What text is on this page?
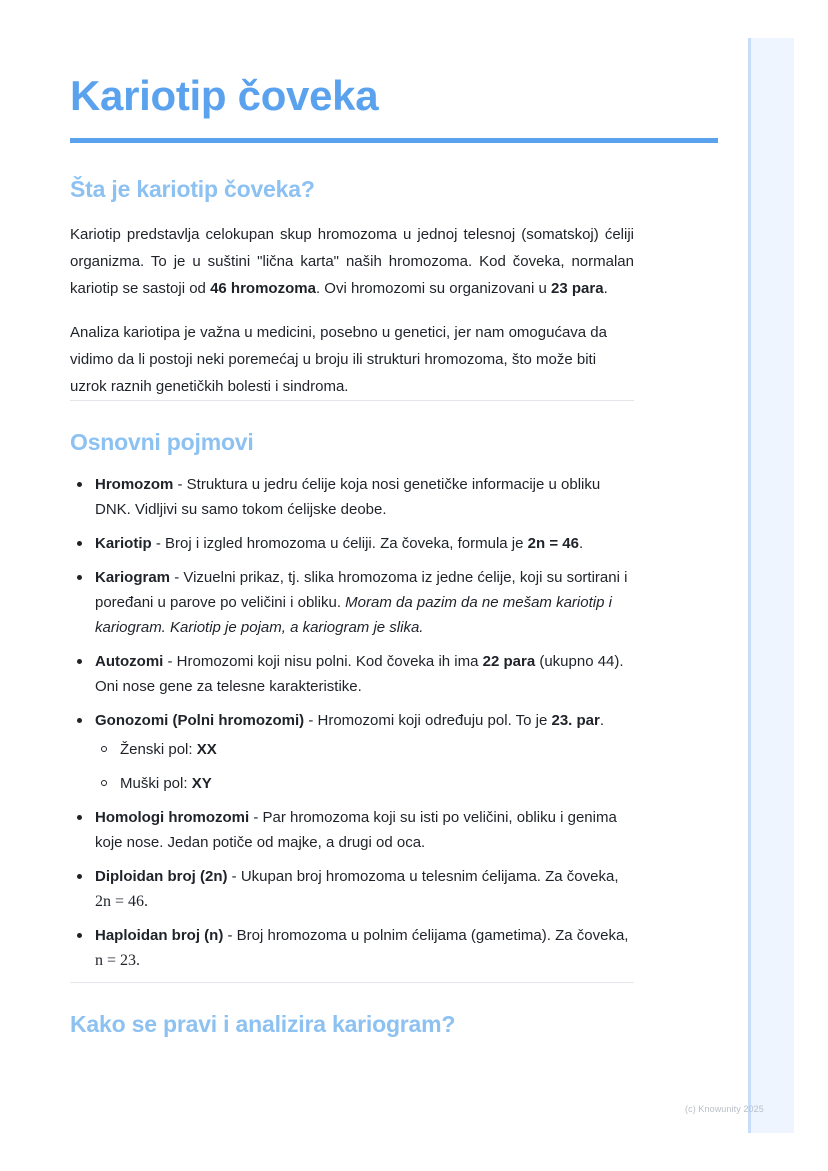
(c) Knowunity 2025
Kariotip čoveka
Šta je kariotip čoveka?

Kariotip predstavlja celokupan skup hromozoma u jednoj telesnoj (somatskoj) ćeliji organizma. To je u suštini "lična karta" naših hromozoma. Kod čoveka, normalan kariotip se sastoji od 46 hromozoma. Ovi hromozomi su organizovani u 23 para.

Analiza kariotipa je važna u medicini, posebno u genetici, jer nam omogućava da vidimo da li postoji neki poremećaj u broju ili strukturi hromozoma, što može biti uzrok raznih genetičkih bolesti i sindroma.

Osnovni pojmovi
Hromozom - Struktura u jedru ćelije koja nosi genetičke informacije u obliku DNK. Vidljivi su samo tokom ćelijske deobe.
Kariotip - Broj i izgled hromozoma u ćeliji. Za čoveka, formula je 2n = 46.
Kariogram - Vizuelni prikaz, tj. slika hromozoma iz jedne ćelije, koji su sortirani i poređani u parove po veličini i obliku. Moram da pazim da ne mešam kariotip i kariogram. Kariotip je pojam, a kariogram je slika.
Autozomi - Hromozomi koji nisu polni. Kod čoveka ih ima 22 para (ukupno 44). Oni nose gene za telesne karakteristike.
Gonozomi (Polni hromozomi) - Hromozomi koji određuju pol. To je 23. par.
Ženski pol: XX
Muški pol: XY
Homologi hromozomi - Par hromozoma koji su isti po veličini, obliku i genima koje nose. Jedan potiče od majke, a drugi od oca.
Diploidan broj (2n) - Ukupan broj hromozoma u telesnim ćelijama. Za čoveka, 2n = 46.
Haploidan broj (n) - Broj hromozoma u polnim ćelijama (gametima). Za čoveka, n = 23.
Kako se pravi i analizira kariogram?
